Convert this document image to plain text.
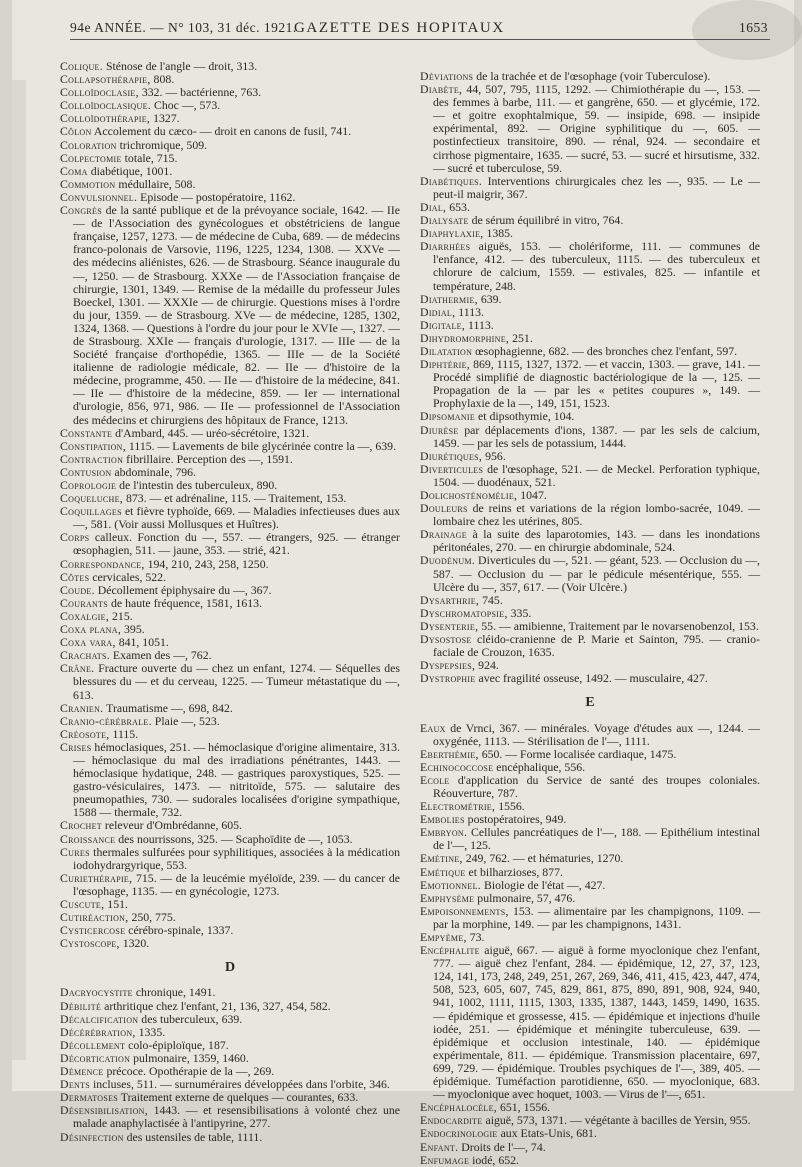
94e ANNÉE. — N° 103, 31 déc. 1921.
GAZETTE DES HOPITAUX	1653
Colique. Sténose de l'angle — droit, 313.
Collapsothérapie, 808.
Colloïdoclasie, 332. — bactérienne, 763.
Colloïdoclasique. Choc —, 573.
Colloïdothérapie, 1327.
Côlon Accolement du cæco- — droit en canons de fusil, 741.
Coloration trichromique, 509.
Colpectomie totale, 715.
Coma diabétique, 1001.
Commotion médullaire, 508.
Convulsionnel. Episode — postopératoire, 1162.
Congrès de la santé publique et de la prévoyance sociale, 1642. — IIe — de l'Association des gynécologues et obstétriciens de langue française, 1257, 1273. — de médecine de Cuba, 689. — de médecins franco-polonais de Varsovie, 1196, 1225, 1234, 1308. — XXVe — des médecins aliénistes, 626. — de Strasbourg. Séance inaugurale du —, 1250. — de Strasbourg. XXXe — de l'Association française de chirurgie, 1301, 1349. — Remise de la médaille du professeur Jules Boeckel, 1301. — XXXIe — de chirurgie. Questions mises à l'ordre du jour, 1359. — de Strasbourg. XVe — de médecine, 1285, 1302, 1324, 1368. — Questions à l'ordre du jour pour le XVIe —, 1327. — de Strasbourg. XXIe — français d'urologie, 1317. — IIIe — de la Société française d'orthopédie, 1365. — IIIe — de la Société italienne de radiologie médicale, 82. — IIe — d'histoire de la médecine, programme, 450. — IIe — d'histoire de la médecine, 841. — IIe — d'histoire de la médecine, 859. — Ier — international d'urologie, 856, 971, 986. — IIe — professionnel de l'Association des médecins et chirurgiens des hôpitaux de France, 1213.
Constante d'Ambard, 445. — uréo-sécrétoire, 1321.
Constipation, 1115. — Lavements de bile glycérinée contre la —, 639.
Contraction fibrillaire. Perception des —, 1591.
Contusion abdominale, 796.
Coprologie de l'intestin des tuberculeux, 890.
Coqueluche, 873. — et adrénaline, 115. — Traitement, 153.
Coquillages et fièvre typhoïde, 669. — Maladies infectieuses dues aux —, 581. (Voir aussi Mollusques et Huîtres).
Corps calleux. Fonction du —, 557. — étrangers, 925. — étranger œsophagien, 511. — jaune, 353. — strié, 421.
Correspondance, 194, 210, 243, 258, 1250.
Côtes cervicales, 522.
Coude. Décollement épiphysaire du —, 367.
Courants de haute fréquence, 1581, 1613.
Coxalgie, 215.
Coxa plana, 395.
Coxa vara, 841, 1051.
Crachats. Examen des —, 762.
Crâne. Fracture ouverte du — chez un enfant, 1274. — Séquelles des blessures du — et du cerveau, 1225. — Tumeur métastatique du —, 613.
Cranien. Traumatisme —, 698, 842.
Cranio-cérébrale. Plaie —, 523.
Créosote, 1115.
Crises hémoclasiques, 251. — hémoclasique d'origine alimentaire, 313. — hémoclasique du mal des irradiations pénétrantes, 1443. — hémoclasique hydatique, 248. — gastriques paroxystiques, 525. — gastro-vésiculaires, 1473. — nitritoïde, 575. — salutaire des pneumopathies, 730. — sudorales localisées d'origine sympathique, 1588 — thermale, 732.
Crochet releveur d'Ombrédanne, 605.
Croissance des nourrissons, 325. — Scaphoïdite de —, 1053.
Cures thermales sulfurées pour syphilitiques, associées à la médication iodohydrargyrique, 553.
Curiethérapie, 715. — de la leucémie myéloïde, 239. — du cancer de l'œsophage, 1135. — en gynécologie, 1273.
Cuscute, 151.
Cutiréaction, 250, 775.
Cysticercose cérébro-spinale, 1337.
Cystoscope, 1320.
D
Dacryocystite chronique, 1491.
Débilité arthritique chez l'enfant, 21, 136, 327, 454, 582.
Décalcification des tuberculeux, 639.
Décérébration, 1335.
Décollement colo-épiploïque, 187.
Décortication pulmonaire, 1359, 1460.
Démence précoce. Opothérapie de la —, 269.
Dents incluses, 511. — surnuméraires développées dans l'orbite, 346.
Dermatoses Traitement externe de quelques — courantes, 633.
Désensibilisation, 1443. — et resensibilisations à volonté chez une malade anaphylactisée à l'antipyrine, 277.
Désinfection des ustensiles de table, 1111.
Déviations de la trachée et de l'œsophage (voir Tuberculose).
Diabète, 44, 507, 795, 1115, 1292. — Chimiothérapie du —, 153. — des femmes à barbe, 111. — et gangrène, 650. — et glycémie, 172. — et goitre exophtalmique, 59. — insipide, 698. — insipide expérimental, 892. — Origine syphilitique du —, 605. — postinfectieux transitoire, 890. — rénal, 924. — secondaire et cirrhose pigmentaire, 1635. — sucré, 53. — sucré et hirsutisme, 332. — sucré et tuberculose, 59.
Diabétiques. Interventions chirurgicales chez les —, 935. — Le — peut-il maigrir, 367.
Dial, 653.
Dialysate de sérum équilibré in vitro, 764.
Diaphylaxie, 1385.
Diarrhées aiguës, 153. — cholériforme, 111. — communes de l'enfance, 412. — des tuberculeux, 1115. — des tuberculeux et chlorure de calcium, 1559. — estivales, 825. — infantile et température, 248.
Diathermie, 639.
Didial, 1113.
Digitale, 1113.
Dihydromorphine, 251.
Dilatation œsophagienne, 682. — des bronches chez l'enfant, 597.
Diphtérie, 869, 1115, 1327, 1372. — et vaccin, 1303. — grave, 141. — Procédé simplifié de diagnostic bactériologique de la —, 125. — Propagation de la — par les « petites coupures », 149. — Prophylaxie de la —, 149, 151, 1523.
Dipsomanie et dipsothymie, 104.
Diurèse par déplacements d'ions, 1387. — par les sels de calcium, 1459. — par les sels de potassium, 1444.
Diurétiques, 956.
Diverticules de l'œsophage, 521. — de Meckel. Perforation typhique, 1504. — duodénaux, 521.
Dolichosténomélie, 1047.
Douleurs de reins et variations de la région lombo-sacrée, 1049. — lombaire chez les utérines, 805.
Drainage à la suite des laparotomies, 143. — dans les inondations péritonéales, 270. — en chirurgie abdominale, 524.
Duodénum. Diverticules du —, 521. — géant, 523. — Occlusion du —, 587. — Occlusion du — par le pédicule mésentérique, 555. — Ulcère du —, 357, 617. — (Voir Ulcère.)
Dysarthrie, 745.
Dyschromatopsie, 335.
Dysenterie, 55. — amibienne, Traitement par le novarsenobenzol, 153.
Dysostose cléido-cranienne de P. Marie et Sainton, 795. — cranio-faciale de Crouzon, 1635.
Dyspepsies, 924.
Dystrophie avec fragilité osseuse, 1492. — musculaire, 427.
E
Eaux de Vrnci, 367. — minérales. Voyage d'études aux —, 1244. — oxygénée, 1113. — Stérilisation de l'—, 1111.
Eberthémie, 650. — Forme localisée cardiaque, 1475.
Echinococcose encéphalique, 556.
Ecole d'application du Service de santé des troupes coloniales. Réouverture, 787.
Electrométrie, 1556.
Embolies postopératoires, 949.
Embryon. Cellules pancréatiques de l'—, 188. — Epithélium intestinal de l'—, 125.
Emétine, 249, 762. — et hématuries, 1270.
Emétique et bilharzioses, 877.
Emotionnel. Biologie de l'état —, 427.
Emphysème pulmonaire, 57, 476.
Empoisonnements, 153. — alimentaire par les champignons, 1109. — par la morphine, 149. — par les champignons, 1431.
Empyème, 73.
Encéphalite aiguë, 667. — aiguë à forme myoclonique chez l'enfant, 777. — aiguë chez l'enfant, 284. — épidémique, 12, 27, 37, 123, 124, 141, 173, 248, 249, 251, 267, 269, 346, 411, 415, 423, 447, 474, 508, 523, 605, 607, 745, 829, 861, 875, 890, 891, 908, 924, 940, 941, 1002, 1111, 1115, 1303, 1335, 1387, 1443, 1459, 1490, 1635. — épidémique et grossesse, 415. — épidémique et injections d'huile iodée, 251. — épidémique et méningite tuberculeuse, 639. — épidémique et occlusion intestinale, 140. — épidémique expérimentale, 811. — épidémique. Transmission placentaire, 697, 699, 729. — épidémique. Troubles psychiques de l'—, 389, 405. — épidémique. Tuméfaction parotidienne, 650. — myoclonique, 683. — myoclonique avec hoquet, 1003. — Virus de l'—, 651.
Encéphalocèle, 651, 1556.
Endocardite aiguë, 573, 1371. — végétante à bacilles de Yersin, 955.
Endocrinologie aux Etats-Unis, 681.
Enfant. Droits de l'—, 74.
Enfumage iodé, 652.
